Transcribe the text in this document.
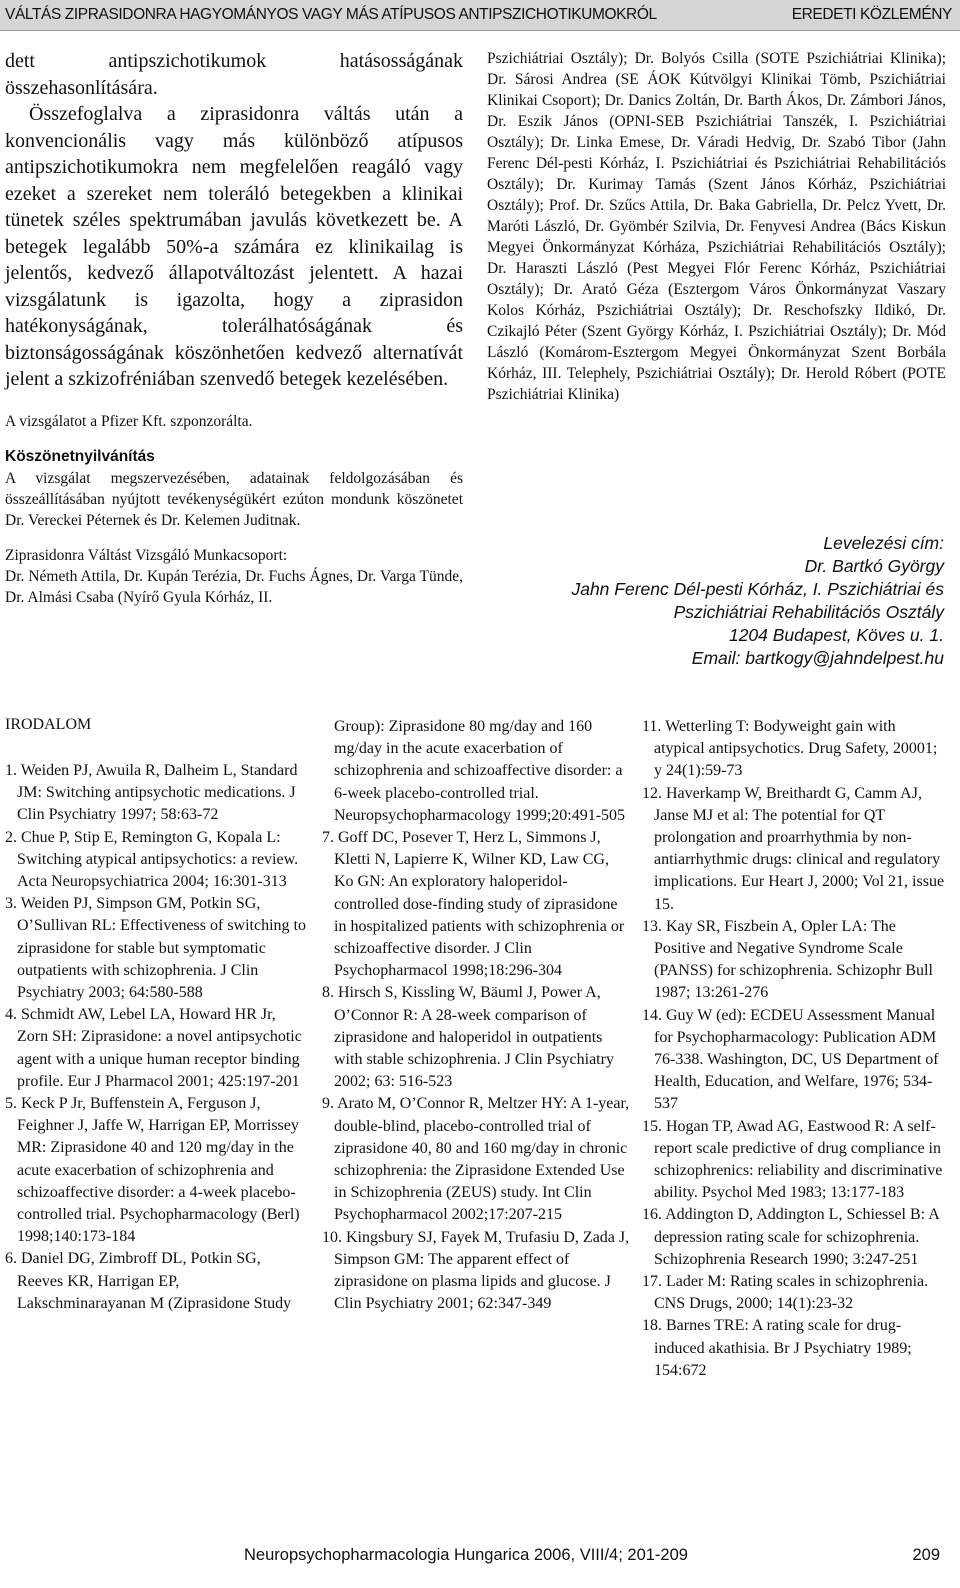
VÁLTÁS ZIPRASIDONRA HAGYOMÁNYOS VAGY MÁS ATÍPUSOS ANTIPSZICHOTIKUMOKRÓL	EREDETI KÖZLEMÉNY

dett antipszichotikumok hatásosságának összehasonlítására.

Összefoglalva a ziprasidonra váltás után a konvencionális vagy más különböző atípusos antipszichotikumokra nem megfelelően reagáló vagy ezeket a szereket nem toleráló betegekben a klinikai tünetek széles spektrumában javulás következett be. A betegek legalább 50%-a számára ez klinikailag is jelentős, kedvező állapotváltozást jelentett. A hazai vizsgálatunk is igazolta, hogy a ziprasidon hatékonyságának, tolerálhatóságának és biztonságosságának köszönhetően kedvező alternatívát jelent a szkizofréniában szenvedő betegek kezelésében.

A vizsgálatot a Pfizer Kft. szponzorálta.

Köszönetnyilvánítás

A vizsgálat megszervezésében, adatainak feldolgozásában és összeállításában nyújtott tevékenységükért ezúton mondunk köszönetet Dr. Vereckei Péternek és Dr. Kelemen Juditnak.

Ziprasidonra Váltást Vizsgáló Munkacsoport:

Dr. Németh Attila, Dr. Kupán Terézia, Dr. Fuchs Ágnes, Dr. Varga Tünde, Dr. Almási Csaba (Nyírő Gyula Kórház, II.

Pszichiátriai Osztály); Dr. Bolyós Csilla (SOTE Pszichiátriai Klinika); Dr. Sárosi Andrea (SE ÁOK Kútvölgyi Klinikai Tömb, Pszichiátriai Klinikai Csoport); Dr. Danics Zoltán, Dr. Barth Ákos, Dr. Zámbori János, Dr. Eszik János (OPNI-SEB Pszichiátriai Tanszék, I. Pszichiátriai Osztály); Dr. Linka Emese, Dr. Váradi Hedvig, Dr. Szabó Tibor (Jahn Ferenc Dél-pesti Kórház, I. Pszichiátriai és Pszichiátriai Rehabilitációs Osztály); Dr. Kurimay Tamás (Szent János Kórház, Pszichiátriai Osztály); Prof. Dr. Szűcs Attila, Dr. Baka Gabriella, Dr. Pelcz Yvett, Dr. Maróti László, Dr. Gyömbér Szilvia, Dr. Fenyvesi Andrea (Bács Kiskun Megyei Önkormányzat Kórháza, Pszichiátriai Rehabilitációs Osztály); Dr. Haraszti László (Pest Megyei Flór Ferenc Kórház, Pszichiátriai Osztály); Dr. Arató Géza (Esztergom Város Önkormányzat Vaszary Kolos Kórház, Pszichiátriai Osztály); Dr. Reschofszky Ildikó, Dr. Czikajló Péter (Szent György Kórház, I. Pszichiátriai Osztály); Dr. Mód László (Komárom-Esztergom Megyei Önkormányzat Szent Borbála Kórház, III. Telephely, Pszichiátriai Osztály); Dr. Herold Róbert (POTE Pszichiátriai Klinika)

Levelezési cím:
Dr. Bartkó György
Jahn Ferenc Dél-pesti Kórház, I. Pszichiátriai és
Pszichiátriai Rehabilitációs Osztály
1204 Budapest, Köves u. 1.
Email: bartkogy@jahndelpest.hu
IRODALOM

1. Weiden PJ, Awuila R, Dalheim L, Standard JM: Switching antipsychotic medications. J Clin Psychiatry 1997; 58:63-72

2. Chue P, Stip E, Remington G, Kopala L: Switching atypical antipsychotics: a review. Acta Neuropsychiatrica 2004; 16:301-313

3. Weiden PJ, Simpson GM, Potkin SG, O’Sullivan RL: Effectiveness of switching to ziprasidone for stable but symptomatic outpatients with schizophrenia. J Clin Psychiatry 2003; 64:580-588

4. Schmidt AW, Lebel LA, Howard HR Jr, Zorn SH: Ziprasidone: a novel antipsychotic agent with a unique human receptor binding profile. Eur J Pharmacol 2001; 425:197-201

5. Keck P Jr, Buffenstein A, Ferguson J, Feighner J, Jaffe W, Harrigan EP, Morrissey MR: Ziprasidone 40 and 120 mg/day in the acute exacerbation of schizophrenia and schizoaffective disorder: a 4-week placebo-controlled trial. Psychopharmacology (Berl) 1998;140:173-184

6. Daniel DG, Zimbroff DL, Potkin SG, Reeves KR, Harrigan EP, Lakschminarayanan M (Ziprasidone Study

Group): Ziprasidone 80 mg/day and 160 mg/day in the acute exacerbation of schizophrenia and schizoaffective disorder: a 6-week placebo-controlled trial. Neuropsychopharmacology 1999;20:491-505

7. Goff DC, Posever T, Herz L, Simmons J, Kletti N, Lapierre K, Wilner KD, Law CG, Ko GN: An exploratory haloperidol-controlled dose-finding study of ziprasidone in hospitalized patients with schizophrenia or schizoaffective disorder. J Clin Psychopharmacol 1998;18:296-304

8. Hirsch S, Kissling W, Bäuml J, Power A, O’Connor R: A 28-week comparison of ziprasidone and haloperidol in outpatients with stable schizophrenia. J Clin Psychiatry 2002; 63: 516-523

9. Arato M, O’Connor R, Meltzer HY: A 1-year, double-blind, placebo-controlled trial of ziprasidone 40, 80 and 160 mg/day in chronic schizophrenia: the Ziprasidone Extended Use in Schizophrenia (ZEUS) study. Int Clin Psychopharmacol 2002;17:207-215

10. Kingsbury SJ, Fayek M, Trufasiu D, Zada J, Simpson GM: The apparent effect of ziprasidone on plasma lipids and glucose. J Clin Psychiatry 2001; 62:347-349

11. Wetterling T: Bodyweight gain with atypical antipsychotics. Drug Safety, 20001; y 24(1):59-73

12. Haverkamp W, Breithardt G, Camm AJ, Janse MJ et al: The potential for QT prolongation and proarrhythmia by non- antiarrhythmic drugs: clinical and regulatory implications. Eur Heart J, 2000; Vol 21, issue 15.

13. Kay SR, Fiszbein A, Opler LA: The Positive and Negative Syndrome Scale (PANSS) for schizophrenia. Schizophr Bull 1987; 13:261-276

14. Guy W (ed): ECDEU Assessment Manual for Psychopharmacology: Publication ADM 76-338. Washington, DC, US Department of Health, Education, and Welfare, 1976; 534-537

15. Hogan TP, Awad AG, Eastwood R: A self-report scale predictive of drug compliance in schizophrenics: reliability and discriminative ability. Psychol Med 1983; 13:177-183

16. Addington D, Addington L, Schiessel B: A depression rating scale for schizophrenia. Schizophrenia Research 1990; 3:247-251

17. Lader M: Rating scales in schizophrenia. CNS Drugs, 2000; 14(1):23-32

18. Barnes TRE: A rating scale for drug-induced akathisia. Br J Psychiatry 1989; 154:672

Neuropsychopharmacologia Hungarica 2006, VIII/4; 201-209	209
